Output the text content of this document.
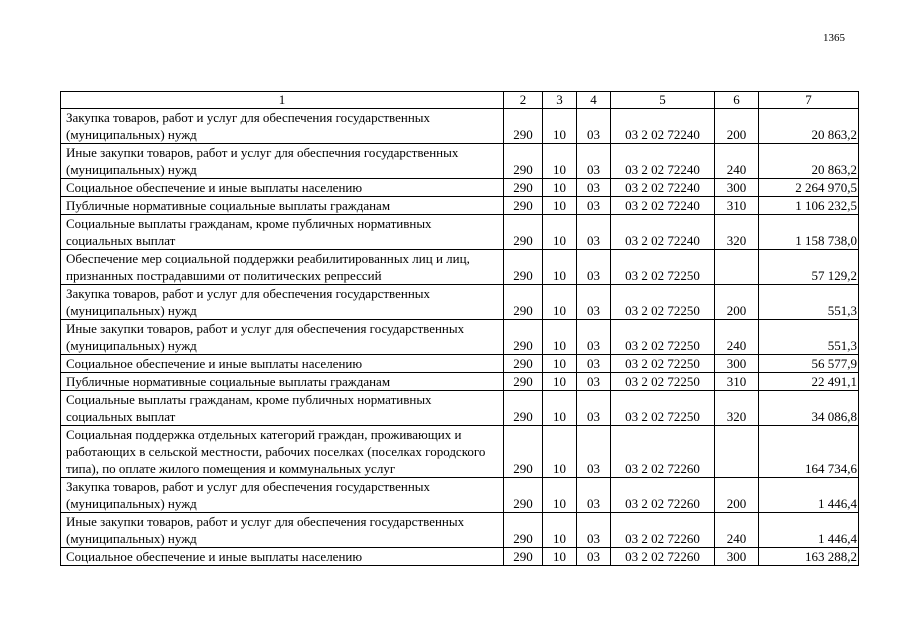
1365
1	2	3	4	5	6	7
Закупка товаров, работ и услуг для обеспечения государственных (муниципальных) нужд	290	10	03	03 2 02 72240	200	20 863,2
Иные закупки товаров, работ и услуг для обеспечния государственных (муниципальных) нужд	290	10	03	03 2 02 72240	240	20 863,2
Социальное обеспечение и иные выплаты населению	290	10	03	03 2 02 72240	300	2 264 970,5
Публичные нормативные социальные выплаты гражданам	290	10	03	03 2 02 72240	310	1 106 232,5
Социальные выплаты гражданам, кроме публичных нормативных социальных выплат	290	10	03	03 2 02 72240	320	1 158 738,0
Обеспечение мер социальной поддержки реабилитированных лиц и лиц, признанных пострадавшими от политических репрессий	290	10	03	03 2 02 72250		57 129,2
Закупка товаров, работ и услуг для обеспечения государственных (муниципальных) нужд	290	10	03	03 2 02 72250	200	551,3
Иные закупки товаров, работ и услуг для обеспечения государственных (муниципальных) нужд	290	10	03	03 2 02 72250	240	551,3
Социальное обеспечение и иные выплаты населению	290	10	03	03 2 02 72250	300	56 577,9
Публичные нормативные социальные выплаты гражданам	290	10	03	03 2 02 72250	310	22 491,1
Социальные выплаты гражданам, кроме публичных нормативных социальных выплат	290	10	03	03 2 02 72250	320	34 086,8
Социальная поддержка отдельных категорий граждан, проживающих и работающих в сельской местности, рабочих поселках (поселках городского типа), по оплате жилого помещения и коммунальных услуг	290	10	03	03 2 02 72260		164 734,6
Закупка товаров, работ и услуг для обеспечения государственных (муниципальных) нужд	290	10	03	03 2 02 72260	200	1 446,4
Иные закупки товаров, работ и услуг для обеспечения государственных (муниципальных) нужд	290	10	03	03 2 02 72260	240	1 446,4
Социальное обеспечение и иные выплаты населению	290	10	03	03 2 02 72260	300	163 288,2
